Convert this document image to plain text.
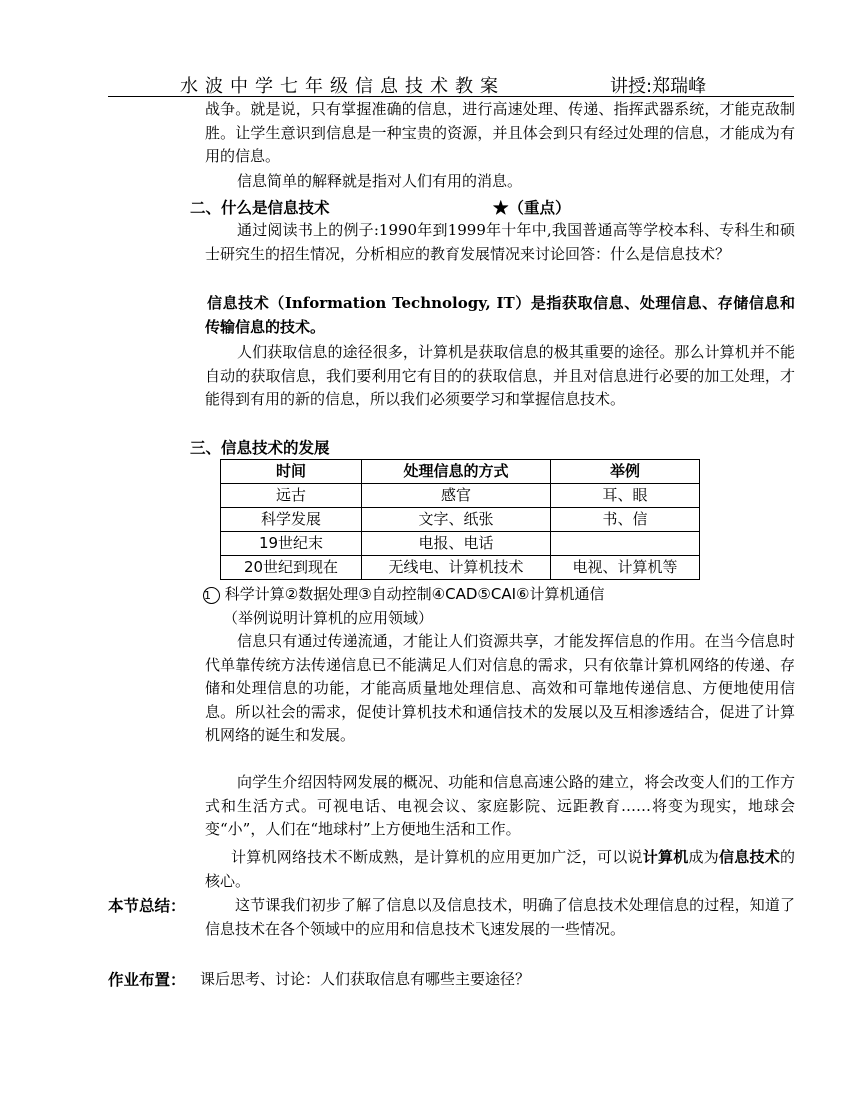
水波中学七年级信息技术教案	讲授:郑瑞峰

战争。就是说，只有掌握准确的信息，进行高速处理、传递、指挥武器系统，才能克敌制胜。让学生意识到信息是一种宝贵的资源，并且体会到只有经过处理的信息，才能成为有用的信息。

信息简单的解释就是指对人们有用的消息。

二、什么是信息技术	★（重点）

通过阅读书上的例子:1990年到1999年十年中,我国普通高等学校本科、专科生和硕士研究生的招生情况，分析相应的教育发展情况来讨论回答：什么是信息技术？

信息技术（Information Technology, IT）是指获取信息、处理信息、存储信息和传输信息的技术。

人们获取信息的途径很多，计算机是获取信息的极其重要的途径。那么计算机并不能自动的获取信息，我们要利用它有目的的获取信息，并且对信息进行必要的加工处理，才能得到有用的新的信息，所以我们必须要学习和掌握信息技术。

三、信息技术的发展
时间	处理信息的方式	举例
远古	感官	耳、眼
科学发展	文字、纸张	书、信
19世纪末	电报、电话	
20世纪到现在	无线电、计算机技术	电视、计算机等
1 科学计算②数据处理③自动控制④CAD⑤CAI⑥计算机通信
（举例说明计算机的应用领域）

信息只有通过传递流通，才能让人们资源共享，才能发挥信息的作用。在当今信息时代单靠传统方法传递信息已不能满足人们对信息的需求，只有依靠计算机网络的传递、存储和处理信息的功能，才能高质量地处理信息、高效和可靠地传递信息、方便地使用信息。所以社会的需求，促使计算机技术和通信技术的发展以及互相渗透结合，促进了计算机网络的诞生和发展。

向学生介绍因特网发展的概况、功能和信息高速公路的建立，将会改变人们的工作方式和生活方式。可视电话、电视会议、家庭影院、远距教育……将变为现实，地球会变“小”，人们在“地球村”上方便地生活和工作。

计算机网络技术不断成熟，是计算机的应用更加广泛，可以说计算机成为信息技术的核心。

本节总结：	这节课我们初步了解了信息以及信息技术，明确了信息技术处理信息的过程，知道了信息技术在各个领域中的应用和信息技术飞速发展的一些情况。

作业布置： 课后思考、讨论：人们获取信息有哪些主要途径？
